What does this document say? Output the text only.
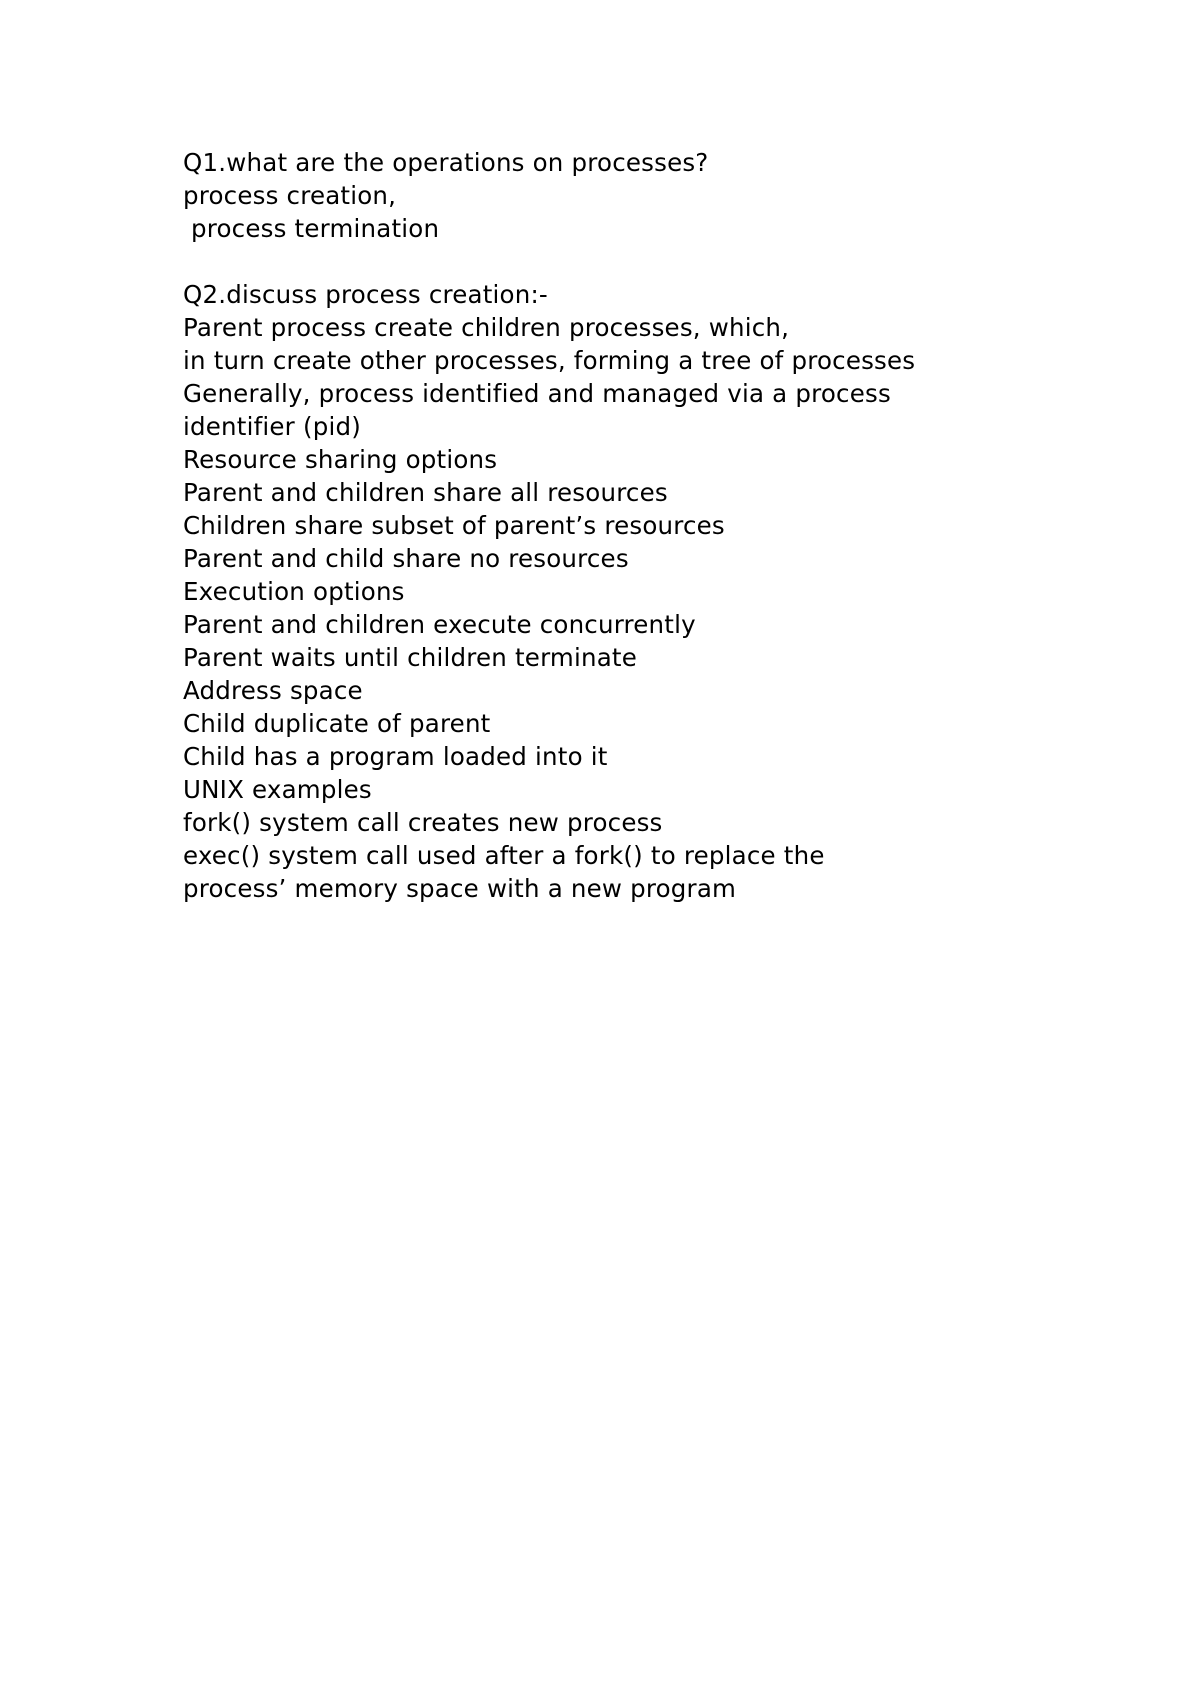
Q1.what are the operations on processes?
process creation,
process termination
Q2.discuss process creation:-
Parent process create children processes, which,
in turn create other processes, forming a tree of processes
Generally, process identified and managed via a process
identifier (pid)
Resource sharing options
Parent and children share all resources
Children share subset of parent’s resources
Parent and child share no resources
Execution options
Parent and children execute concurrently
Parent waits until children terminate
Address space
Child duplicate of parent
Child has a program loaded into it
UNIX examples
fork() system call creates new process
exec() system call used after a fork() to replace the
process’ memory space with a new program
